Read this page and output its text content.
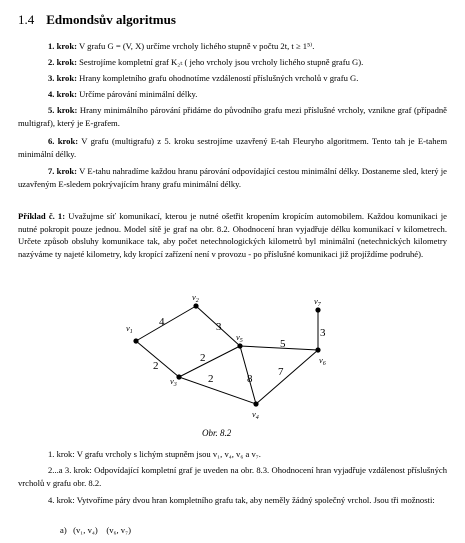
1.4 Edmondsův algoritmus
1. krok: V grafu G = (V, X) určíme vrcholy lichého stupně v počtu 2t, t ≥ 1⁵⁾.
2. krok: Sestrojíme kompletní graf K₂ₜ ( jeho vrcholy jsou vrcholy lichého stupně grafu G).
3. krok: Hrany kompletního grafu ohodnotíme vzdáleností příslušných vrcholů v grafu G.
4. krok: Určíme párování minimální délky.
5. krok: Hrany minimálního párování přidáme do původního grafu mezi příslušné vrcholy, vznikne graf (případně multigraf), který je E-grafem.
6. krok: V grafu (multigrafu) z 5. kroku sestrojíme uzavřený E-tah Fleuryho algoritmem. Tento tah je E-tahem minimální délky.
7. krok: V E-tahu nahradíme každou hranu párování odpovídající cestou minimální délky. Dostaneme sled, který je uzavřeným E-sledem pokrývajícím hrany grafu minimální délky.
Příklad č. 1: Uvažujme síť komunikací, kterou je nutné ošetřit kropením kropícím automobilem. Každou komunikaci je nutné pokropit pouze jednou. Model sítě je graf na obr. 8.2. Ohodnocení hran vyjadřuje délku komunikací v kilometrech. Určete způsob obsluhy komunikace tak, aby počet netechnologických kilometrů byl minimální (netechnických kilometry nazýváme ty najeté kilometry, kdy kropící zařízení není v provozu - po příslušné komunikaci již projíždíme podruhé).
$v_1$
$v_2$
$v_3$
$v_4$
$v_5$
$v_6$
$v_7$
4	3
2
2
2	8
5
7
3
Obr. 8.2
1. krok: V grafu vrcholy s lichým stupněm jsou v₁, v₄, v₆ a v₇.
2...a 3. krok: Odpovídající kompletní graf je uveden na obr. 8.3. Ohodnocení hran vyjadřuje vzdálenost příslušných vrcholů v grafu obr. 8.2.
4. krok: Vytvoříme páry dvou hran kompletního grafu tak, aby neměly žádný společný vrchol. Jsou tři možnosti:
a) (v₁, v₄) (v₆, v₇)
